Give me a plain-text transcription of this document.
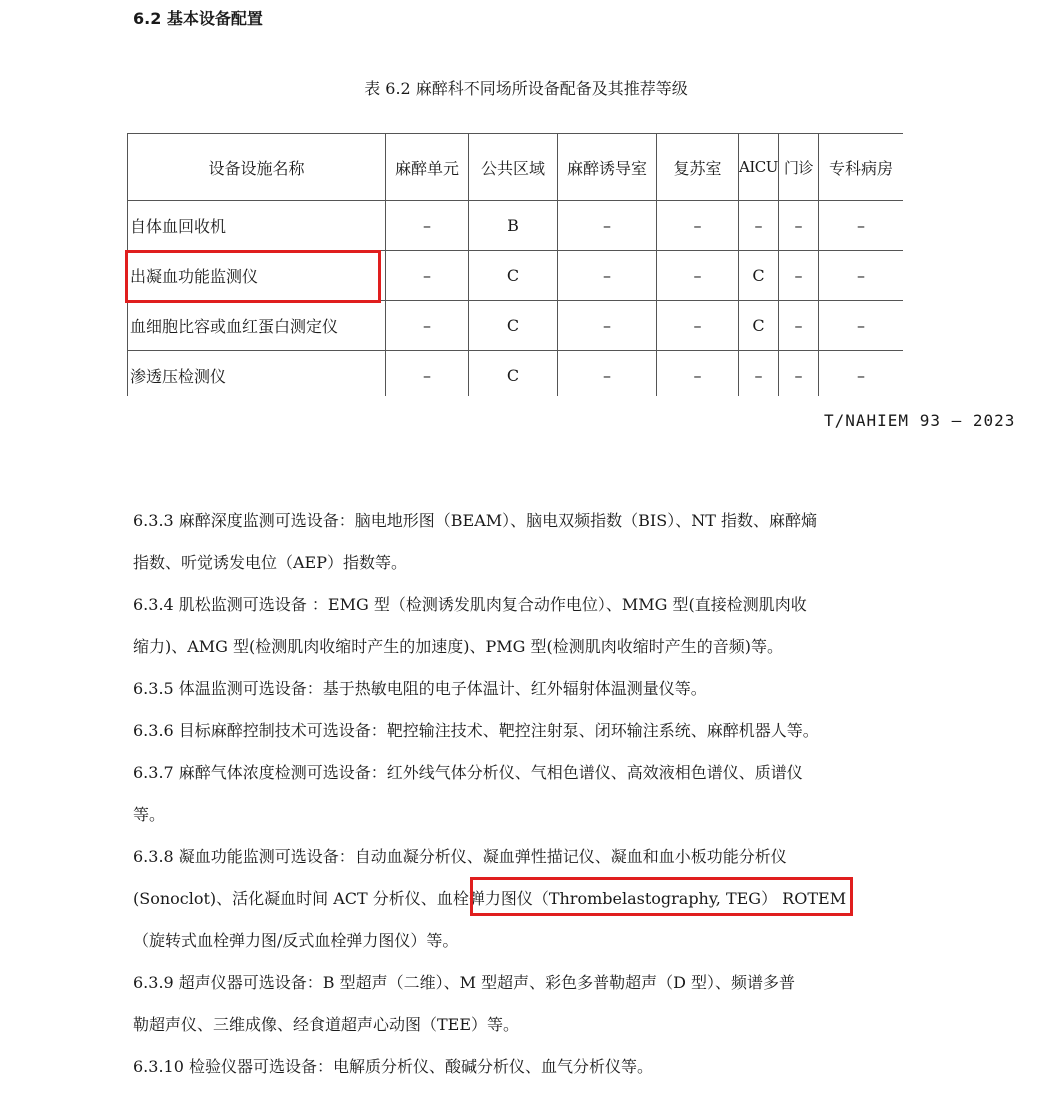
6.2 基本设备配置
表 6.2 麻醉科不同场所设备配备及其推荐等级
设备设施名称	麻醉单元	公共区域	麻醉诱导室	复苏室	AICU	门诊	专科病房
自体血回收机	–	B	–	–	–	–	–
出凝血功能监测仪	–	C	–	–	C	–	–
血细胞比容或血红蛋白测定仪	–	C	–	–	C	–	–
渗透压检测仪	–	C	–	–	–	–	–
T/NAHIEM 93 — 2023
6.3.3 麻醉深度监测可选设备：脑电地形图（BEAM）、脑电双频指数（BIS）、NT 指数、麻醉熵
指数、听觉诱发电位（AEP）指数等。
6.3.4 肌松监测可选设备 ：EMG 型（检测诱发肌肉复合动作电位）、MMG 型(直接检测肌肉收
缩力)、AMG 型(检测肌肉收缩时产生的加速度)、PMG 型(检测肌肉收缩时产生的音频)等。
6.3.5 体温监测可选设备：基于热敏电阻的电子体温计、红外辐射体温测量仪等。
6.3.6 目标麻醉控制技术可选设备：靶控输注技术、靶控注射泵、闭环输注系统、麻醉机器人等。
6.3.7 麻醉气体浓度检测可选设备：红外线气体分析仪、气相色谱仪、高效液相色谱仪、质谱仪
等。
6.3.8 凝血功能监测可选设备：自动血凝分析仪、凝血弹性描记仪、凝血和血小板功能分析仪
(Sonoclot)、活化凝血时间 ACT 分析仪、血栓弹力图仪（Thrombelastography, TEG） ROTEM
（旋转式血栓弹力图/反式血栓弹力图仪）等。
6.3.9 超声仪器可选设备：B 型超声（二维）、M 型超声、彩色多普勒超声（D 型）、频谱多普
勒超声仪、三维成像、经食道超声心动图（TEE）等。
6.3.10 检验仪器可选设备：电解质分析仪、酸碱分析仪、血气分析仪等。
